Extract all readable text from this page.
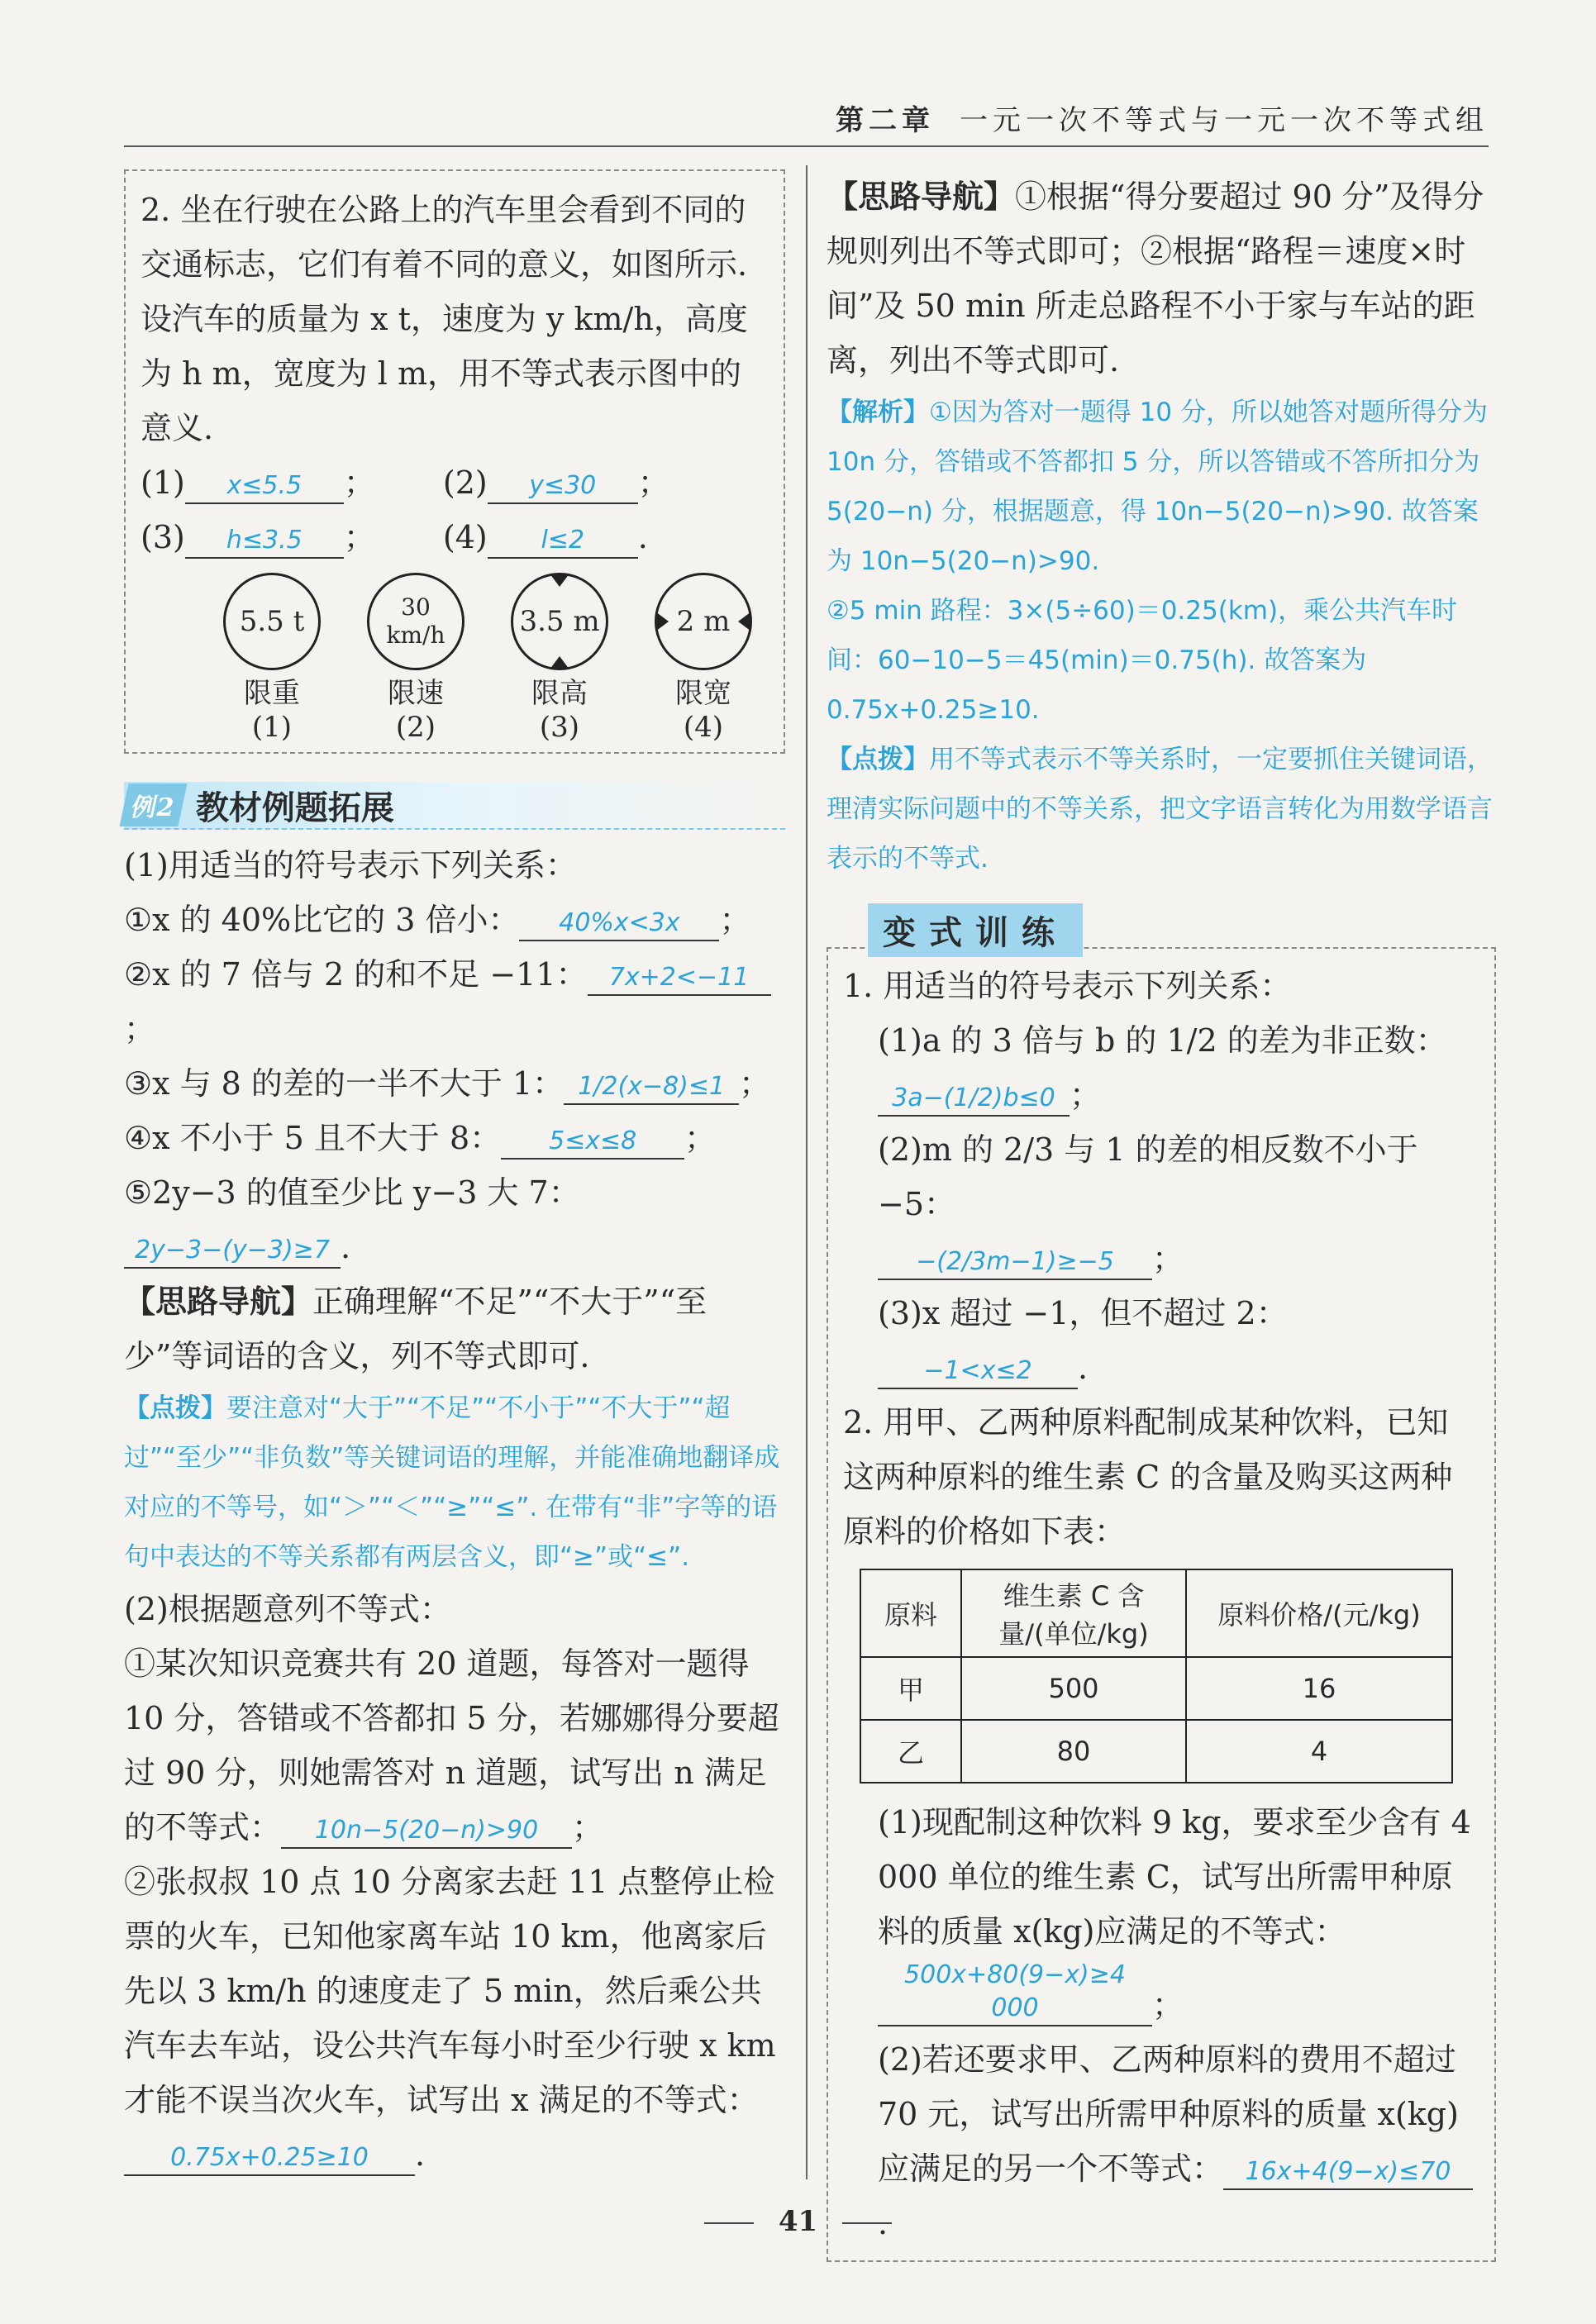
第二章 一元一次不等式与一元一次不等式组

2. 坐在行驶在公路上的汽车里会看到不同的交通标志，它们有着不同的意义，如图所示. 设汽车的质量为 x t，速度为 y km/h，高度为 h m，宽度为 l m，用不等式表示图中的意义.

(1) x≤5.5 ； (2) y≤30 ；

(3) h≤3.5 ； (4) l≤2 .

5.5 t
限重
(1)
30 km/h
限速
(2)
3.5 m
限高
(3)
2 m
限宽
(4)
例2 教材例题拓展

(1)用适当的符号表示下列关系：

①x 的 40%比它的 3 倍小： 40%x<3x ；

②x 的 7 倍与 2 的和不足 −11： 7x+2<−11；

③x 与 8 的差的一半不大于 1： 1/2(x−8)≤1 ；

④x 不小于 5 且不大于 8： 5≤x≤8 ；

⑤2y−3 的值至少比 y−3 大 7：2y−3−(y−3)≥7 .

【思路导航】正确理解“不足”“不大于”“至少”等词语的含义，列不等式即可.

【点拨】要注意对“大于”“不足”“不小于”“不大于”“超过”“至少”“非负数”等关键词语的理解，并能准确地翻译成对应的不等号，如“＞”“＜”“≥”“≤”. 在带有“非”字等的语句中表达的不等关系都有两层含义，即“≥”或“≤”.

(2)根据题意列不等式：

①某次知识竞赛共有 20 道题，每答对一题得 10 分，答错或不答都扣 5 分，若娜娜得分要超过 90 分，则她需答对 n 道题，试写出 n 满足的不等式： 10n−5(20−n)>90 ；

②张叔叔 10 点 10 分离家去赶 11 点整停止检票的火车，已知他家离车站 10 km，他离家后先以 3 km/h 的速度走了 5 min，然后乘公共汽车去车站，设公共汽车每小时至少行驶 x km 才能不误当次火车，试写出 x 满足的不等式：0.75x+0.25≥10 .

【思路导航】①根据“得分要超过 90 分”及得分规则列出不等式即可；②根据“路程＝速度×时间”及 50 min 所走总路程不小于家与车站的距离，列出不等式即可.

【解析】①因为答对一题得 10 分，所以她答对题所得分为 10n 分，答错或不答都扣 5 分，所以答错或不答所扣分为 5(20−n) 分，根据题意，得 10n−5(20−n)>90. 故答案为 10n−5(20−n)>90.

②5 min 路程：3×(5÷60)＝0.25(km)，乘公共汽车时间：60−10−5＝45(min)＝0.75(h). 故答案为 0.75x+0.25≥10.

【点拨】用不等式表示不等关系时，一定要抓住关键词语，理清实际问题中的不等关系，把文字语言转化为用数学语言表示的不等式.

变式训练

1. 用适当的符号表示下列关系：

(1)a 的 3 倍与 b 的 1/2 的差为非正数：

3a−(1/2)b≤0 ；

(2)m 的 2/3 与 1 的差的相反数不小于 −5：

−(2/3m−1)≥−5 ；

(3)x 超过 −1，但不超过 2：−1<x≤2 .

2. 用甲、乙两种原料配制成某种饮料，已知这两种原料的维生素 C 的含量及购买这两种原料的价格如下表：

原料	维生素 C 含量/(单位/kg)	原料价格/(元/kg)
甲	500	16
乙	80	4

(1)现配制这种饮料 9 kg，要求至少含有 4 000 单位的维生素 C，试写出所需甲种原料的质量 x(kg)应满足的不等式：500x+80(9−x)≥4 000	；

(2)若还要求甲、乙两种原料的费用不超过 70 元，试写出所需甲种原料的质量 x(kg)应满足的另一个不等式： 16x+4(9−x)≤70.

41
